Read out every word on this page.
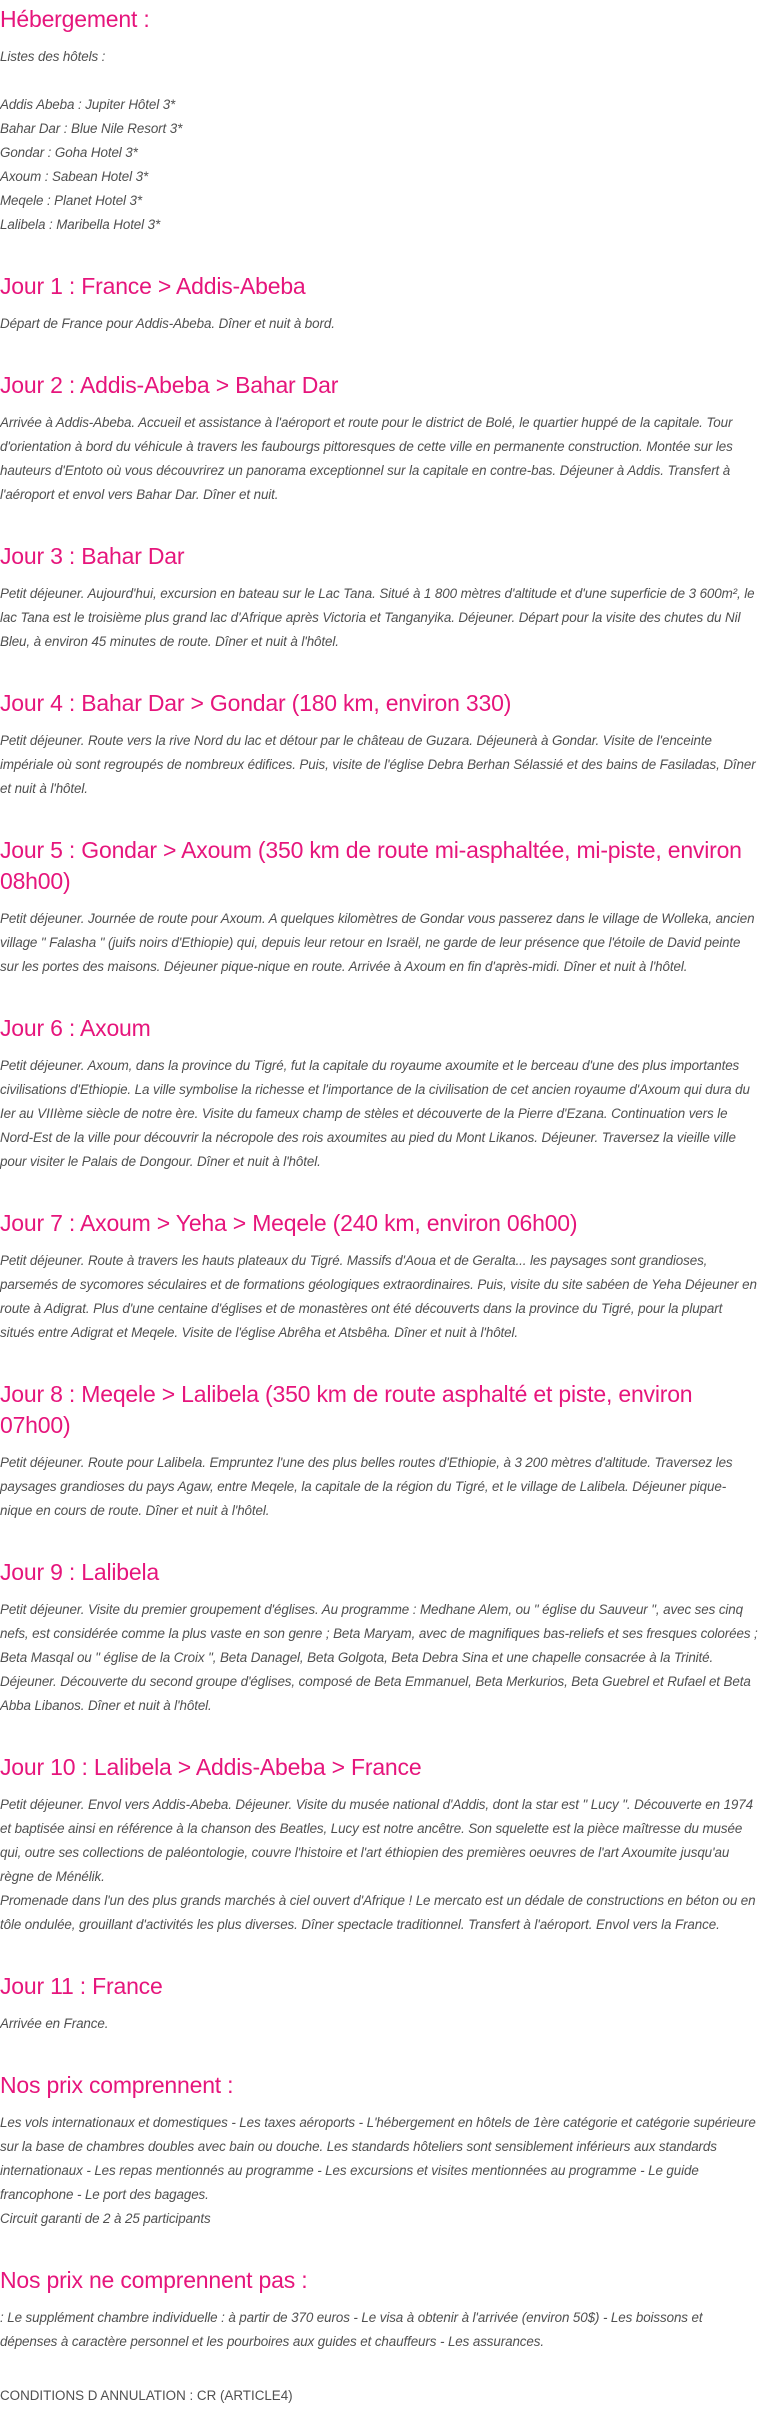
Hébergement :

Listes des hôtels :

Addis Abeba : Jupiter Hôtel 3*
Bahar Dar : Blue Nile Resort 3*
Gondar : Goha Hotel 3*
Axoum : Sabean Hotel 3*
Meqele : Planet Hotel 3*
Lalibela : Maribella Hotel 3*

Jour 1 : France > Addis-Abeba

Départ de France pour Addis-Abeba. Dîner et nuit à bord.

Jour 2 : Addis-Abeba > Bahar Dar

Arrivée à Addis-Abeba. Accueil et assistance à l'aéroport et route pour le district de Bolé, le quartier huppé de la capitale. Tour d'orientation à bord du véhicule à travers les faubourgs pittoresques de cette ville en permanente construction. Montée sur les hauteurs d'Entoto où vous découvrirez un panorama exceptionnel sur la capitale en contre-bas. Déjeuner à Addis. Transfert à l'aéroport et envol vers Bahar Dar. Dîner et nuit.

Jour 3 : Bahar Dar

Petit déjeuner. Aujourd'hui, excursion en bateau sur le Lac Tana. Situé à 1 800 mètres d'altitude et d'une superficie de 3 600m², le lac Tana est le troisième plus grand lac d'Afrique après Victoria et Tanganyika. Déjeuner. Départ pour la visite des chutes du Nil Bleu, à environ 45 minutes de route. Dîner et nuit à l'hôtel.

Jour 4 : Bahar Dar > Gondar (180 km, environ 330)

Petit déjeuner. Route vers la rive Nord du lac et détour par le château de Guzara. Déjeunerà à Gondar. Visite de l'enceinte impériale où sont regroupés de nombreux édifices. Puis, visite de l'église Debra Berhan Sélassié et des bains de Fasiladas, Dîner et nuit à l'hôtel.

Jour 5 : Gondar > Axoum (350 km de route mi-asphaltée, mi-piste, environ 08h00)

Petit déjeuner. Journée de route pour Axoum. A quelques kilomètres de Gondar vous passerez dans le village de Wolleka, ancien village " Falasha " (juifs noirs d'Ethiopie) qui, depuis leur retour en Israël, ne garde de leur présence que l'étoile de David peinte sur les portes des maisons. Déjeuner pique-nique en route. Arrivée à Axoum en fin d'après-midi. Dîner et nuit à l'hôtel.

Jour 6 : Axoum

Petit déjeuner. Axoum, dans la province du Tigré, fut la capitale du royaume axoumite et le berceau d'une des plus importantes civilisations d'Ethiopie. La ville symbolise la richesse et l'importance de la civilisation de cet ancien royaume d'Axoum qui dura du Ier au VIIIème siècle de notre ère. Visite du fameux champ de stèles et découverte de la Pierre d'Ezana. Continuation vers le Nord-Est de la ville pour découvrir la nécropole des rois axoumites au pied du Mont Likanos. Déjeuner. Traversez la vieille ville pour visiter le Palais de Dongour. Dîner et nuit à l'hôtel.

Jour 7 : Axoum > Yeha > Meqele (240 km, environ 06h00)

Petit déjeuner. Route à travers les hauts plateaux du Tigré. Massifs d'Aoua et de Geralta... les paysages sont grandioses, parsemés de sycomores séculaires et de formations géologiques extraordinaires. Puis, visite du site sabéen de Yeha Déjeuner en route à Adigrat. Plus d'une centaine d'églises et de monastères ont été découverts dans la province du Tigré, pour la plupart situés entre Adigrat et Meqele. Visite de l'église Abrêha et Atsbêha. Dîner et nuit à l'hôtel.

Jour 8 : Meqele > Lalibela (350 km de route asphalté et piste, environ 07h00)

Petit déjeuner. Route pour Lalibela. Empruntez l'une des plus belles routes d'Ethiopie, à 3 200 mètres d'altitude. Traversez les paysages grandioses du pays Agaw, entre Meqele, la capitale de la région du Tigré, et le village de Lalibela. Déjeuner pique-nique en cours de route. Dîner et nuit à l'hôtel.

Jour 9 : Lalibela

Petit déjeuner. Visite du premier groupement d'églises. Au programme : Medhane Alem, ou " église du Sauveur ", avec ses cinq nefs, est considérée comme la plus vaste en son genre ; Beta Maryam, avec de magnifiques bas-reliefs et ses fresques colorées ; Beta Masqal ou " église de la Croix ", Beta Danagel, Beta Golgota, Beta Debra Sina et une chapelle consacrée à la Trinité. Déjeuner. Découverte du second groupe d'églises, composé de Beta Emmanuel, Beta Merkurios, Beta Guebrel et Rufael et Beta Abba Libanos. Dîner et nuit à l'hôtel.

Jour 10 : Lalibela > Addis-Abeba > France

Petit déjeuner. Envol vers Addis-Abeba. Déjeuner. Visite du musée national d'Addis, dont la star est " Lucy ". Découverte en 1974 et baptisée ainsi en référence à la chanson des Beatles, Lucy est notre ancêtre. Son squelette est la pièce maîtresse du musée qui, outre ses collections de paléontologie, couvre l'histoire et l'art éthiopien des premières oeuvres de l'art Axoumite jusqu'au règne de Ménélik.

Promenade dans l'un des plus grands marchés à ciel ouvert d'Afrique ! Le mercato est un dédale de constructions en béton ou en tôle ondulée, grouillant d'activités les plus diverses. Dîner spectacle traditionnel. Transfert à l'aéroport. Envol vers la France.

Jour 11 : France

Arrivée en France.

Nos prix comprennent :

Les vols internationaux et domestiques - Les taxes aéroports - L'hébergement en hôtels de 1ère catégorie et catégorie supérieure sur la base de chambres doubles avec bain ou douche. Les standards hôteliers sont sensiblement inférieurs aux standards internationaux - Les repas mentionnés au programme - Les excursions et visites mentionnées au programme - Le guide francophone - Le port des bagages.

Circuit garanti de 2 à 25 participants

Nos prix ne comprennent pas :

: Le supplément chambre individuelle : à partir de 370 euros - Le visa à obtenir à l'arrivée (environ 50$) - Les boissons et dépenses à caractère personnel et les pourboires aux guides et chauffeurs - Les assurances.

CONDITIONS D ANNULATION : CR (ARTICLE4)
